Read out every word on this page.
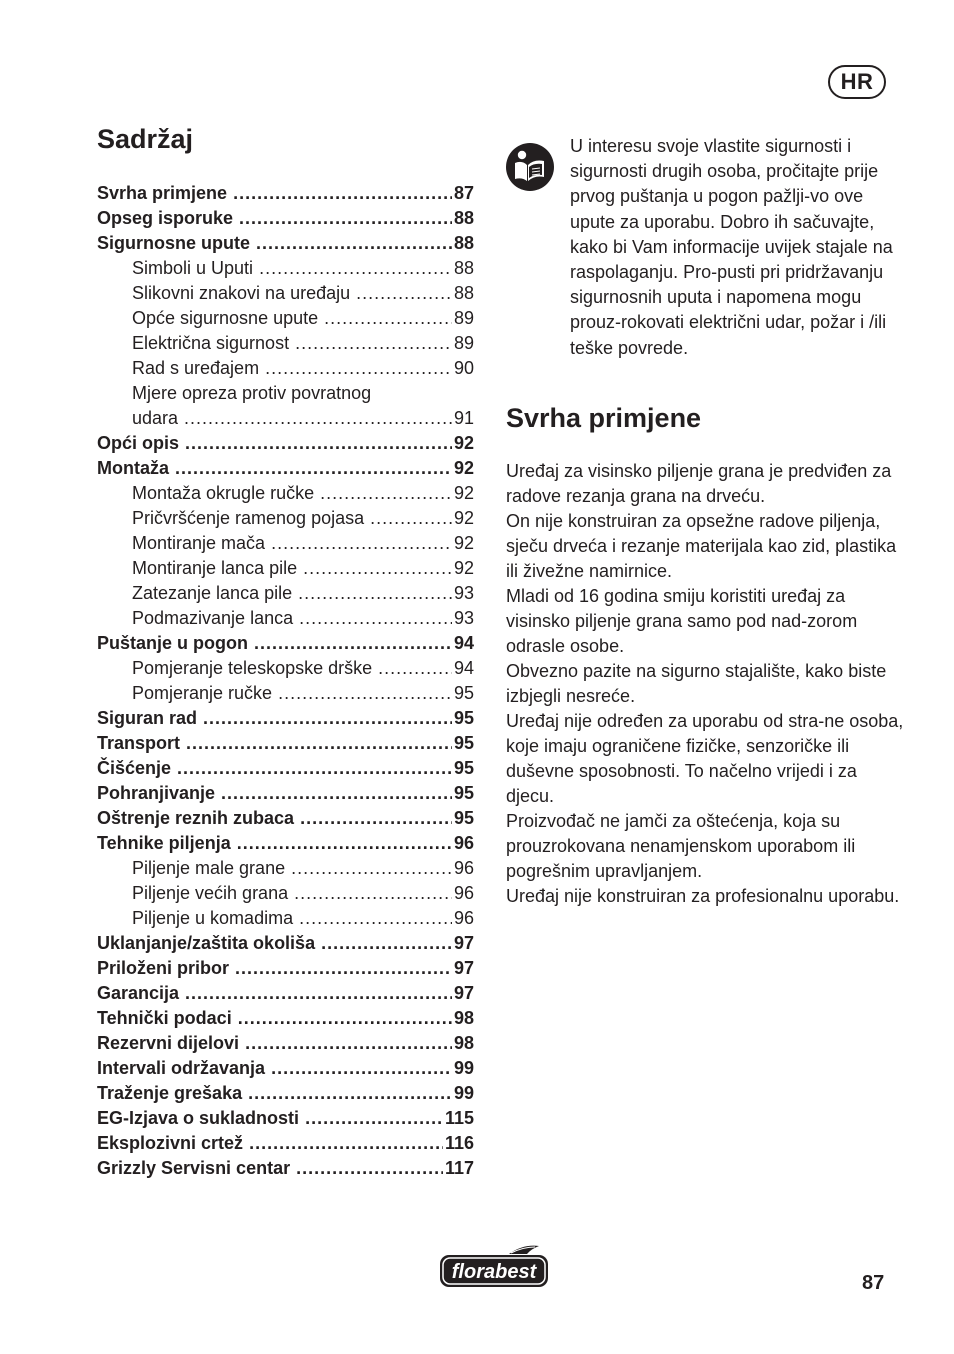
HR
Sadržaj
Svrha primjene .....	87
Opseg isporuke .....	88
Sigurnosne upute .....	88
Simboli u Uputi .....	88
Slikovni znakovi na uređaju .....	88
Opće sigurnosne upute .....	89
Električna sigurnost .....	89
Rad s uređajem .....	90
Mjere opreza protiv povratnog
udara .....	91
Opći opis .....	92
Montaža .....	92
Montaža okrugle ručke .....	92
Pričvršćenje ramenog pojasa .....	92
Montiranje mača .....	92
Montiranje lanca pile .....	92
Zatezanje lanca pile .....	93
Podmazivanje lanca .....	93
Puštanje u pogon .....	94
Pomjeranje teleskopske drške .....	94
Pomjeranje ručke .....	95
Siguran rad .....	95
Transport .....	95
Čišćenje .....	95
Pohranjivanje .....	95
Oštrenje reznih zubaca .....	95
Tehnike piljenja .....	96
Piljenje male grane .....	96
Piljenje većih grana .....	96
Piljenje u komadima .....	96
Uklanjanje/zaštita okoliša .....	97
Priloženi pribor .....	97
Garancija .....	97
Tehnički podaci .....	98
Rezervni dijelovi .....	98
Intervali održavanja .....	99
Traženje grešaka .....	99
EG-Izjava o sukladnosti .....	115
Eksplozivni crtež .....	116
Grizzly Servisni centar .....	117

U interesu svoje vlastite sigurnosti i sigurnosti drugih osoba, pročitajte prije prvog puštanja u pogon pažlji-vo ove upute za uporabu. Dobro ih sačuvajte, kako bi Vam informacije uvijek stajale na raspolaganju. Pro-pusti pri pridržavanju sigurnosnih uputa i napomena mogu prouz-rokovati električni udar, požar i /ili teške povrede.

Svrha primjene

Uređaj za visinsko piljenje grana je predviđen za radove rezanja grana na drveću.

On nije konstruiran za opsežne radove piljenja, sječu drveća i rezanje materijala kao zid, plastika ili živežne namirnice.

Mladi od 16 godina smiju koristiti uređaj za visinsko piljenje grana samo pod nad-zorom odrasle osobe.

Obvezno pazite na sigurno stajalište, kako biste izbjegli nesreće.

Uređaj nije određen za uporabu od stra-ne osoba, koje imaju ograničene fizičke, senzoričke ili duševne sposobnosti. To načelno vrijedi i za djecu.

Proizvođač ne jamči za oštećenja, koja su prouzrokovana nenamjenskom uporabom ili pogrešnim upravljanjem.

Uređaj nije konstruiran za profesionalnu uporabu.

florabest	87
